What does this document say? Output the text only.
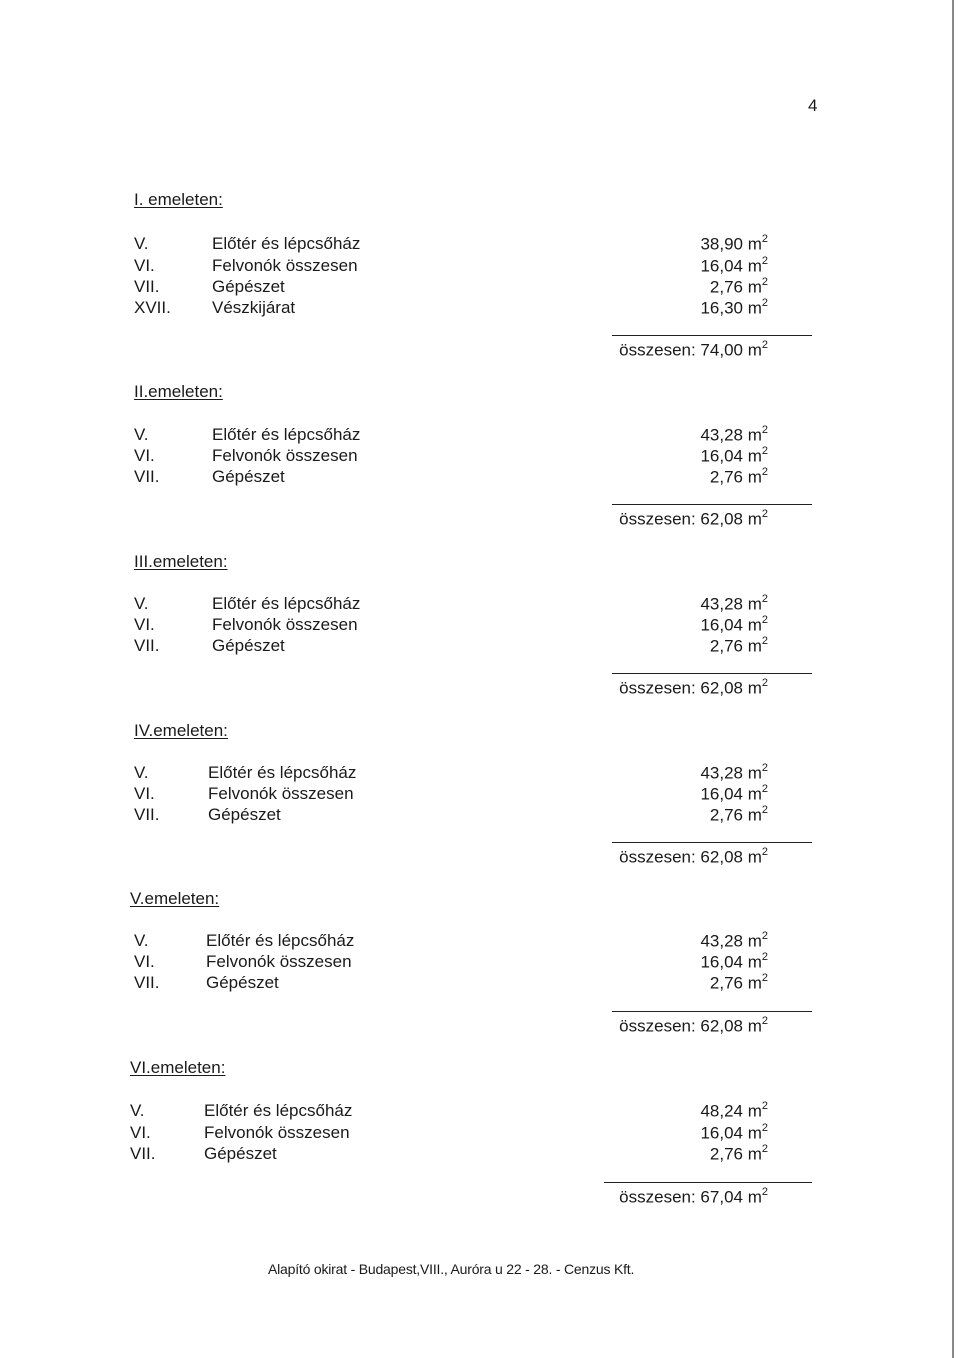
4
I. emeleten:
V.	Előtér és lépcsőház	38,90 $m^2$
VI.	Felvonók összesen	16,04 $m^2$
VII.	Gépészet	2,76 $m^2$
XVII. Vészkijárat	16,30 $m^2$
összesen: 74,00 $m^2$
II.emeleten:
V.	Előtér és lépcsőház	43,28 $m^2$
VI.	Felvonók összesen	16,04 $m^2$
VII.	Gépészet	2,76 $m^2$
összesen: 62,08 $m^2$
III.emeleten:
V.	Előtér és lépcsőház	43,28 $m^2$
VI.	Felvonók összesen	16,04 $m^2$
VII.	Gépészet	2,76 $m^2$
összesen: 62,08 $m^2$
IV.emeleten:
V.	Előtér és lépcsőház	43,28 $m^2$
VI.	Felvonók összesen	16,04 $m^2$
VII.	Gépészet	2,76 $m^2$
összesen: 62,08 $m^2$
V.emeleten:
V.	Előtér és lépcsőház	43,28 $m^2$
VI.	Felvonók összesen	16,04 $m^2$
VII.	Gépészet	2,76 $m^2$
összesen: 62,08 $m^2$
VI.emeleten:
V.	Előtér és lépcsőház	48,24 $m^2$
VI.	Felvonók összesen	16,04 $m^2$
VII.	Gépészet	2,76 $m^2$
összesen: 67,04 $m^2$
Alapító okirat - Budapest,VIII., Auróra u 22 - 28. - Cenzus Kft.
